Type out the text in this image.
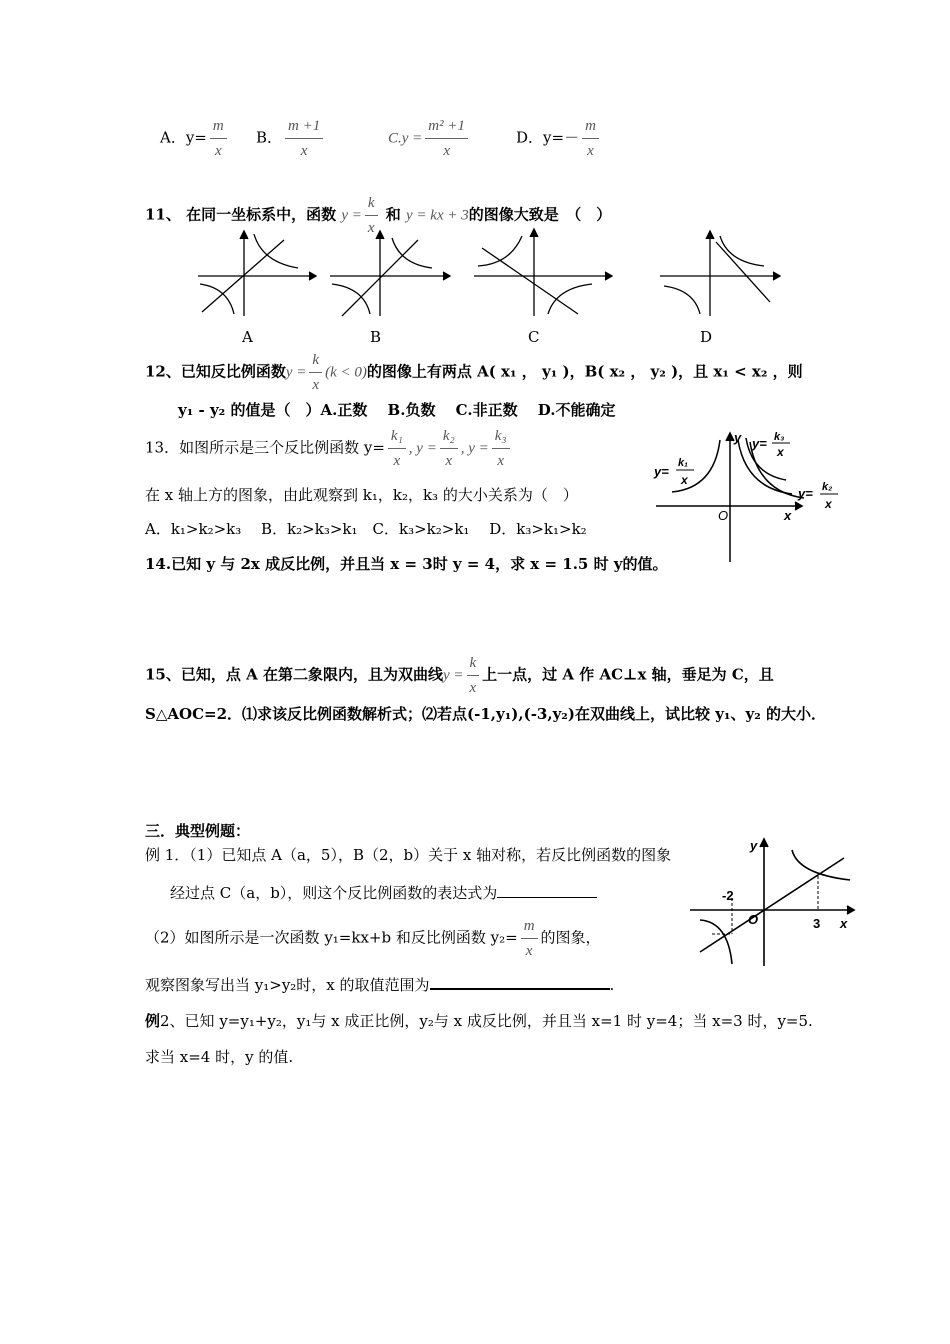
A．$y= \frac{m}{x}$ B． $\frac{m +1}{x}$	$C.y = \frac{\text{m² +1}}{x}$	D．$y=- \frac{m}{x}$
11、 在同一坐标系中，函数 $y = \frac{k}{x}$ 和 y = kx + 3的图像大致是　（　）
A	B	C	D
12、已知反比例函数$y = \frac{k}{x} (k < 0)$的图像上有两点 A( x₁ ， y₁ )，B( x₂ ， y₂ )，且 x₁ < x₂ ，则
y₁ - y₂ 的值是（　）A.正数　 B.负数　 C.非正数　 D.不能确定
13．如图所示是三个反比例函数 $y= \frac{\text{k₁}}{x}$ , $y = \frac{\text{k₂}}{x}$ , $y = \frac{\text{k₃}}{x}$
在 x 轴上方的图象，由此观察到 k₁，k₂，k₃ 的大小关系为（　）
A．k₁>k₂>k₃　 B．k₂>k₃>k₁　C．k₃>k₂>k₁　 D．k₃>k₁>k₂
y
x
O
y=
k₁
x
y= k₃
x
y= k₂
x
14.已知 y 与 2x 成反比例，并且当 x = 3时 y = 4，求 x = 1.5 时 y的值。
15、已知，点 A 在第二象限内，且为双曲线$y = \frac{k}{x}$ 上一点，过 A 作 AC⊥x 轴，垂足为 C，且
S△AOC=2．⑴求该反比例函数解析式；⑵若点(-1,y₁),(-3,y₂)在双曲线上，试比较 y₁、y₂ 的大小．
三．典型例题：
例 1．（1）已知点 A（a，5），B（2，b）关于 x 轴对称，若反比例函数的图象
经过点 C（a，b），则这个反比例函数的表达式为
（2）如图所示是一次函数 y₁=kx+b 和反比例函数 $y_2= \frac{m}{x}$ 的图象，
观察图象写出当 y₁>y₂时，x 的取值范围为	.
例2、已知 y=y₁+y₂，y₁与 x 成正比例，y₂与 x 成反比例，并且当 x=1 时 y=4；当 x=3 时，y=5.
求当 x=4 时，y 的值.
y
x
O
-2
3
